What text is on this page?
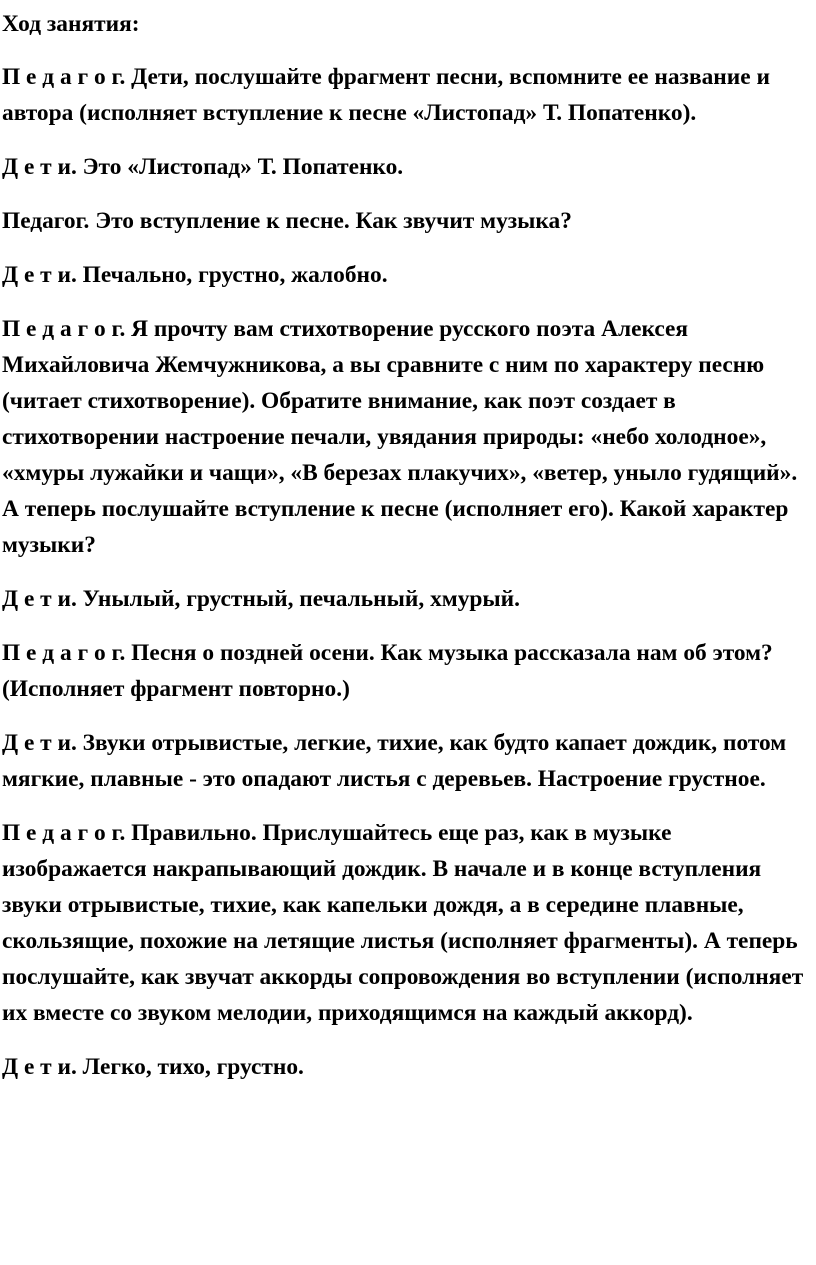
Ход занятия:

П е д а г о г. Дети, послушайте фрагмент песни, вспомните ее название и автора (исполняет вступление к песне «Листопад» Т. Попатенко).

Д е т и. Это «Листопад» Т. Попатенко.

Педагог. Это вступление к песне. Как звучит музыка?

Д е т и. Печально, грустно, жалобно.

П е д а г о г. Я прочту вам стихотворение русского поэта Алексея Михайловича Жемчужникова, а вы сравните с ним по характеру песню (читает стихотворение). Обратите внимание, как поэт создает в стихотворении настроение печали, увядания природы: «небо холодное», «хмуры лужайки и чащи», «В березах плакучих», «ветер, уныло гудящий». А теперь послушайте вступление к песне (исполняет его). Какой характер музыки?

Д е т и. Унылый, грустный, печальный, хмурый.

П е д а г о г. Песня о поздней осени. Как музыка рассказала нам об этом? (Исполняет фрагмент повторно.)

Д е т и. Звуки отрывистые, легкие, тихие, как будто капает дождик, потом мягкие, плавные - это опадают листья с деревьев. Настроение грустное.

П е д а г о г. Правильно. Прислушайтесь еще раз, как в музыке изображается накрапывающий дождик. В начале и в конце вступления звуки отрывистые, тихие, как капельки дождя, а в середине плавные, скользящие, похожие на летящие листья (исполняет фрагменты). А теперь послушайте, как звучат аккорды сопровождения во вступлении (исполняет их вместе со звуком мелодии, приходящимся на каждый аккорд).

Д е т и. Легко, тихо, грустно.
